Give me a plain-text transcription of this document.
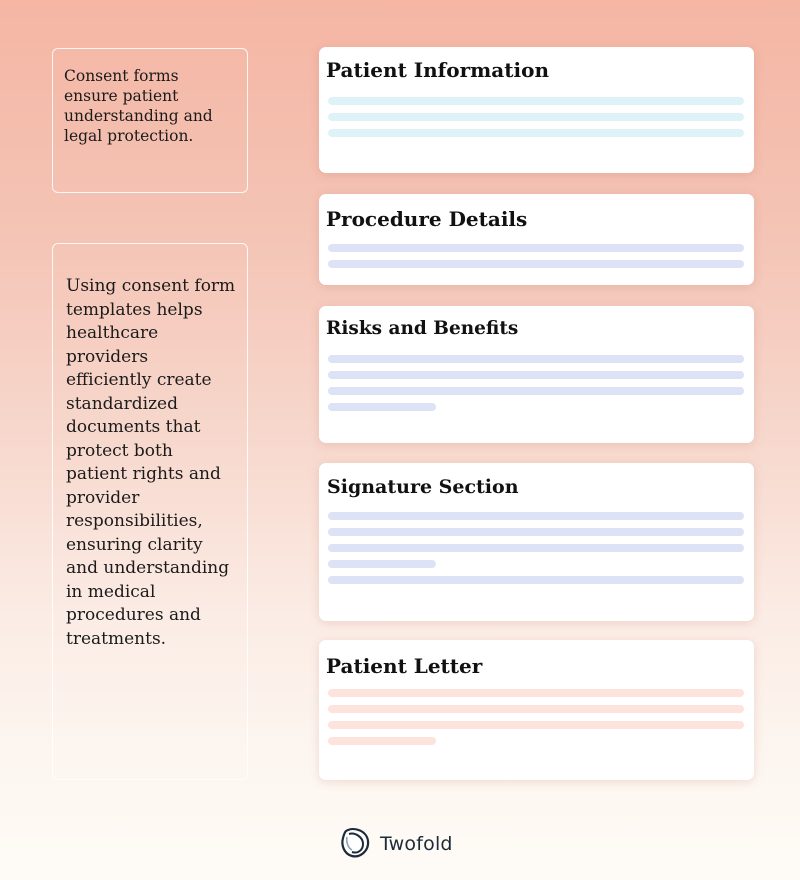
Consent forms ensure patient understanding and legal protection.
Using consent form templates helps healthcare providers efficiently create standardized documents that protect both patient rights and provider responsibilities, ensuring clarity and understanding in medical procedures and treatments.
Patient Information
Procedure Details
Risks and Benefits
Signature Section
Patient Letter
Twofold
